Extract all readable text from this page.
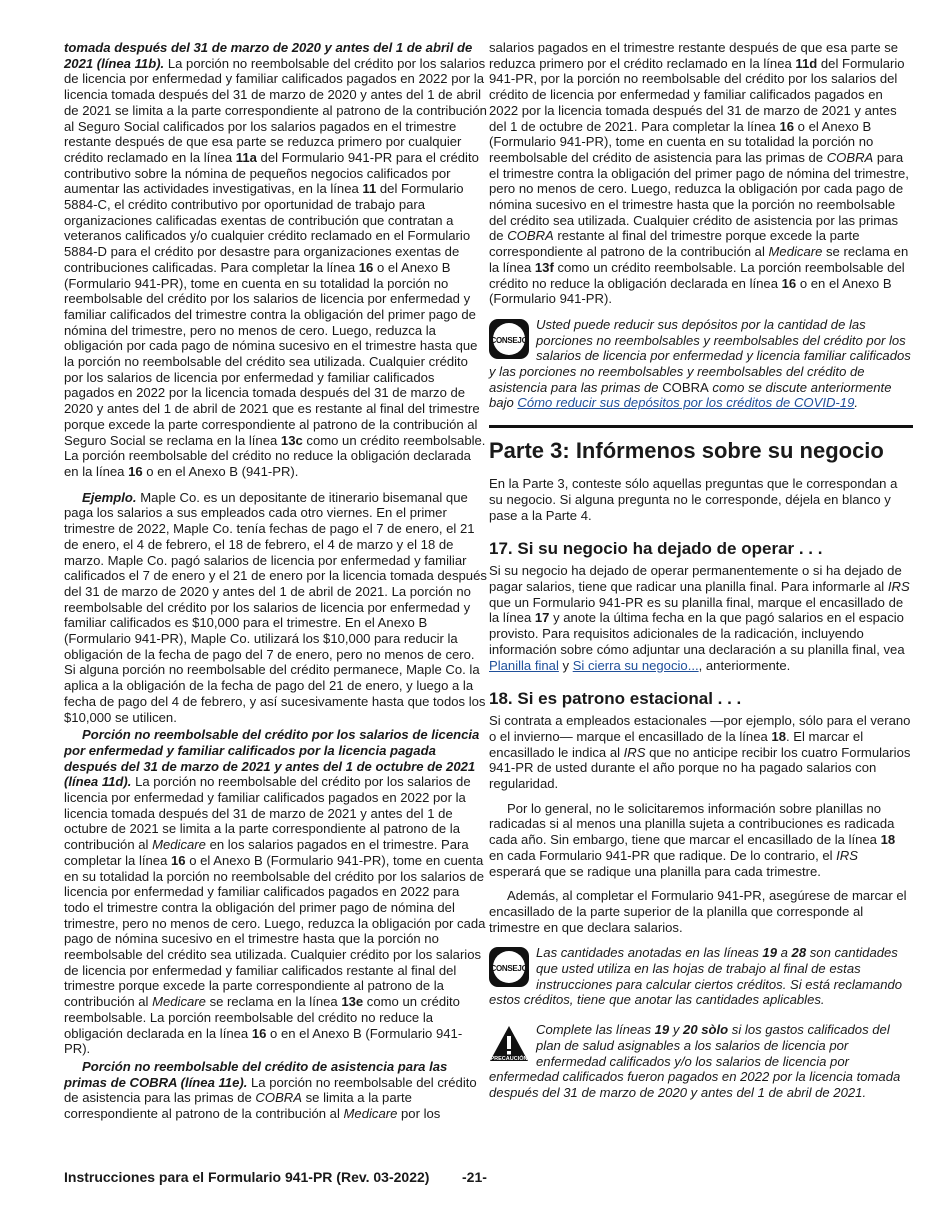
tomada después del 31 de marzo de 2020 y antes del 1 de abril de 2021 (línea 11b). La porción no reembolsable del crédito por los salarios de licencia por enfermedad y familiar calificados pagados en 2022 por la licencia tomada después del 31 de marzo de 2020 y antes del 1 de abril de 2021 se limita a la parte correspondiente al patrono de la contribución al Seguro Social calificados por los salarios pagados en el trimestre restante después de que esa parte se reduzca primero por cualquier crédito reclamado en la línea 11a del Formulario 941-PR para el crédito contributivo sobre la nómina de pequeños negocios calificados por aumentar las actividades investigativas, en la línea 11 del Formulario 5884-C, el crédito contributivo por oportunidad de trabajo para organizaciones calificadas exentas de contribución que contratan a veteranos calificados y/o cualquier crédito reclamado en el Formulario 5884-D para el crédito por desastre para organizaciones exentas de contribuciones calificadas. Para completar la línea 16 o el Anexo B (Formulario 941-PR), tome en cuenta en su totalidad la porción no reembolsable del crédito por los salarios de licencia por enfermedad y familiar calificados del trimestre contra la obligación del primer pago de nómina del trimestre, pero no menos de cero. Luego, reduzca la obligación por cada pago de nómina sucesivo en el trimestre hasta que la porción no reembolsable del crédito sea utilizada. Cualquier crédito por los salarios de licencia por enfermedad y familiar calificados pagados en 2022 por la licencia tomada después del 31 de marzo de 2020 y antes del 1 de abril de 2021 que es restante al final del trimestre porque excede la parte correspondiente al patrono de la contribución al Seguro Social se reclama en la línea 13c como un crédito reembolsable. La porción reembolsable del crédito no reduce la obligación declarada en la línea 16 o en el Anexo B (941-PR).

Ejemplo. Maple Co. es un depositante de itinerario bisemanal que paga los salarios a sus empleados cada otro viernes. En el primer trimestre de 2022, Maple Co. tenía fechas de pago el 7 de enero, el 21 de enero, el 4 de febrero, el 18 de febrero, el 4 de marzo y el 18 de marzo. Maple Co. pagó salarios de licencia por enfermedad y familiar calificados el 7 de enero y el 21 de enero por la licencia tomada después del 31 de marzo de 2020 y antes del 1 de abril de 2021. La porción no reembolsable del crédito por los salarios de licencia por enfermedad y familiar calificados es $10,000 para el trimestre. En el Anexo B (Formulario 941-PR), Maple Co. utilizará los $10,000 para reducir la obligación de la fecha de pago del 7 de enero, pero no menos de cero. Si alguna porción no reembolsable del crédito permanece, Maple Co. la aplica a la obligación de la fecha de pago del 21 de enero, y luego a la fecha de pago del 4 de febrero, y así sucesivamente hasta que todos los $10,000 se utilicen.

Porción no reembolsable del crédito por los salarios de licencia por enfermedad y familiar calificados por la licencia pagada después del 31 de marzo de 2021 y antes del 1 de octubre de 2021 (línea 11d). La porción no reembolsable del crédito por los salarios de licencia por enfermedad y familiar calificados pagados en 2022 por la licencia tomada después del 31 de marzo de 2021 y antes del 1 de octubre de 2021 se limita a la parte correspondiente al patrono de la contribución al Medicare en los salarios pagados en el trimestre. Para completar la línea 16 o el Anexo B (Formulario 941-PR), tome en cuenta en su totalidad la porción no reembolsable del crédito por los salarios de licencia por enfermedad y familiar calificados pagados en 2022 para todo el trimestre contra la obligación del primer pago de nómina del trimestre, pero no menos de cero. Luego, reduzca la obligación por cada pago de nómina sucesivo en el trimestre hasta que la porción no reembolsable del crédito sea utilizada. Cualquier crédito por los salarios de licencia por enfermedad y familiar calificados restante al final del trimestre porque excede la parte correspondiente al patrono de la contribución al Medicare se reclama en la línea 13e como un crédito reembolsable. La porción reembolsable del crédito no reduce la obligación declarada en la línea 16 o en el Anexo B (Formulario 941-PR).

Porción no reembolsable del crédito de asistencia para las primas de COBRA (línea 11e). La porción no reembolsable del crédito de asistencia para las primas de COBRA se limita a la parte correspondiente al patrono de la contribución al Medicare por los

salarios pagados en el trimestre restante después de que esa parte se reduzca primero por el crédito reclamado en la línea 11d del Formulario 941-PR, por la porción no reembolsable del crédito por los salarios del crédito de licencia por enfermedad y familiar calificados pagados en 2022 por la licencia tomada después del 31 de marzo de 2021 y antes del 1 de octubre de 2021. Para completar la línea 16 o el Anexo B (Formulario 941-PR), tome en cuenta en su totalidad la porción no reembolsable del crédito de asistencia para las primas de COBRA para el trimestre contra la obligación del primer pago de nómina del trimestre, pero no menos de cero. Luego, reduzca la obligación por cada pago de nómina sucesivo en el trimestre hasta que la porción no reembolsable del crédito sea utilizada. Cualquier crédito de asistencia por las primas de COBRA restante al final del trimestre porque excede la parte correspondiente al patrono de la contribución al Medicare se reclama en la línea 13f como un crédito reembolsable. La porción reembolsable del crédito no reduce la obligación declarada en línea 16 o en el Anexo B (Formulario 941-PR).

CONSEJO

Usted puede reducir sus depósitos por la cantidad de las porciones no reembolsables y reembolsables del crédito por los salarios de licencia por enfermedad y licencia familiar calificados y las porciones no reembolsables y reembolsables del crédito de asistencia para las primas de COBRA como se discute anteriormente bajo Cómo reducir sus depósitos por los créditos de COVID-19.

Parte 3: Infórmenos sobre su negocio

En la Parte 3, conteste sólo aquellas preguntas que le correspondan a su negocio. Si alguna pregunta no le corresponde, déjela en blanco y pase a la Parte 4.

17. Si su negocio ha dejado de operar . . .

Si su negocio ha dejado de operar permanentemente o si ha dejado de pagar salarios, tiene que radicar una planilla final. Para informarle al IRS que un Formulario 941-PR es su planilla final, marque el encasillado de la línea 17 y anote la última fecha en la que pagó salarios en el espacio provisto. Para requisitos adicionales de la radicación, incluyendo información sobre cómo adjuntar una declaración a su planilla final, vea Planilla final y Si cierra su negocio..., anteriormente.

18. Si es patrono estacional . . .

Si contrata a empleados estacionales —por ejemplo, sólo para el verano o el invierno— marque el encasillado de la línea 18. El marcar el encasillado le indica al IRS que no anticipe recibir los cuatro Formularios 941-PR de usted durante el año porque no ha pagado salarios con regularidad.

Por lo general, no le solicitaremos información sobre planillas no radicadas si al menos una planilla sujeta a contribuciones es radicada cada año. Sin embargo, tiene que marcar el encasillado de la línea 18 en cada Formulario 941-PR que radique. De lo contrario, el IRS esperará que se radique una planilla para cada trimestre.

Además, al completar el Formulario 941-PR, asegúrese de marcar el encasillado de la parte superior de la planilla que corresponde al trimestre en que declara salarios.

CONSEJO

Las cantidades anotadas en las líneas 19 a 28 son cantidades que usted utiliza en las hojas de trabajo al final de estas instrucciones para calcular ciertos créditos. Si está reclamando estos créditos, tiene que anotar las cantidades aplicables.

PRECAUCIÓN

Complete las líneas 19 y 20 sòlo si los gastos calificados del plan de salud asignables a los salarios de licencia por enfermedad calificados y/o los salarios de licencia por enfermedad calificados fueron pagados en 2022 por la licencia tomada después del 31 de marzo de 2020 y antes del 1 de abril de 2021.

Instrucciones para el Formulario 941-PR (Rev. 03-2022) -21-
